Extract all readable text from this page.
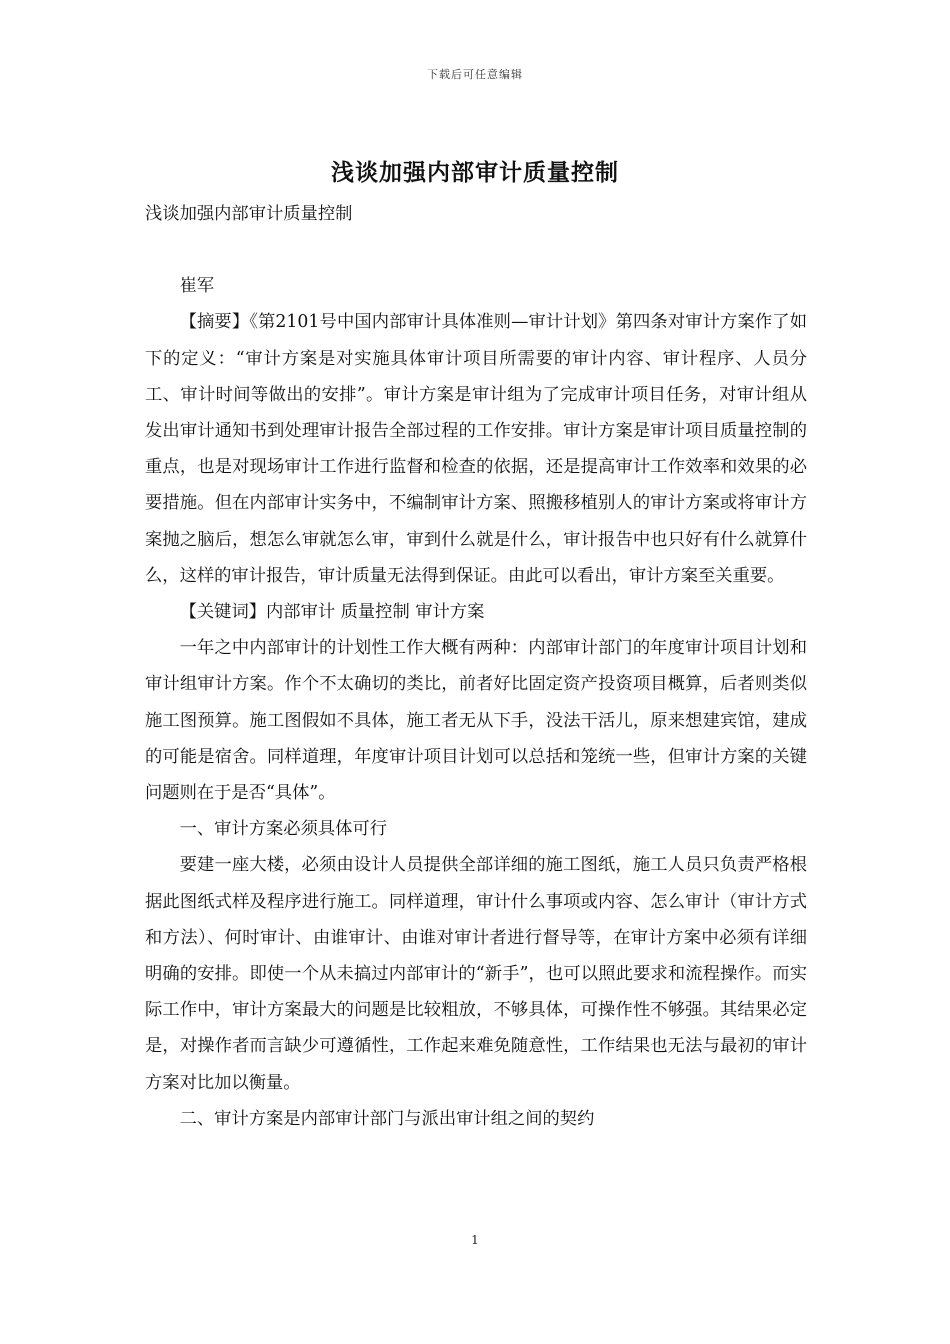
下载后可任意编辑
浅谈加强内部审计质量控制

浅谈加强内部审计质量控制

崔军

【摘要】《第2101号中国内部审计具体准则—审计计划》第四条对审计方案作了如下的定义：“审计方案是对实施具体审计项目所需要的审计内容、审计程序、人员分工、审计时间等做出的安排”。审计方案是审计组为了完成审计项目任务，对审计组从发出审计通知书到处理审计报告全部过程的工作安排。审计方案是审计项目质量控制的重点，也是对现场审计工作进行监督和检查的依据，还是提高审计工作效率和效果的必要措施。但在内部审计实务中，不编制审计方案、照搬移植别人的审计方案或将审计方案抛之脑后，想怎么审就怎么审，审到什么就是什么，审计报告中也只好有什么就算什么，这样的审计报告，审计质量无法得到保证。由此可以看出，审计方案至关重要。

【关键词】内部审计 质量控制 审计方案

一年之中内部审计的计划性工作大概有两种：内部审计部门的年度审计项目计划和审计组审计方案。作个不太确切的类比，前者好比固定资产投资项目概算，后者则类似施工图预算。施工图假如不具体，施工者无从下手，没法干活儿，原来想建宾馆，建成的可能是宿舍。同样道理，年度审计项目计划可以总括和笼统一些，但审计方案的关键问题则在于是否“具体”。

一、审计方案必须具体可行

要建一座大楼，必须由设计人员提供全部详细的施工图纸，施工人员只负责严格根据此图纸式样及程序进行施工。同样道理，审计什么事项或内容、怎么审计（审计方式和方法）、何时审计、由谁审计、由谁对审计者进行督导等，在审计方案中必须有详细明确的安排。即使一个从未搞过内部审计的“新手”，也可以照此要求和流程操作。而实际工作中，审计方案最大的问题是比较粗放，不够具体，可操作性不够强。其结果必定是，对操作者而言缺少可遵循性，工作起来难免随意性，工作结果也无法与最初的审计方案对比加以衡量。

二、审计方案是内部审计部门与派出审计组之间的契约

1
